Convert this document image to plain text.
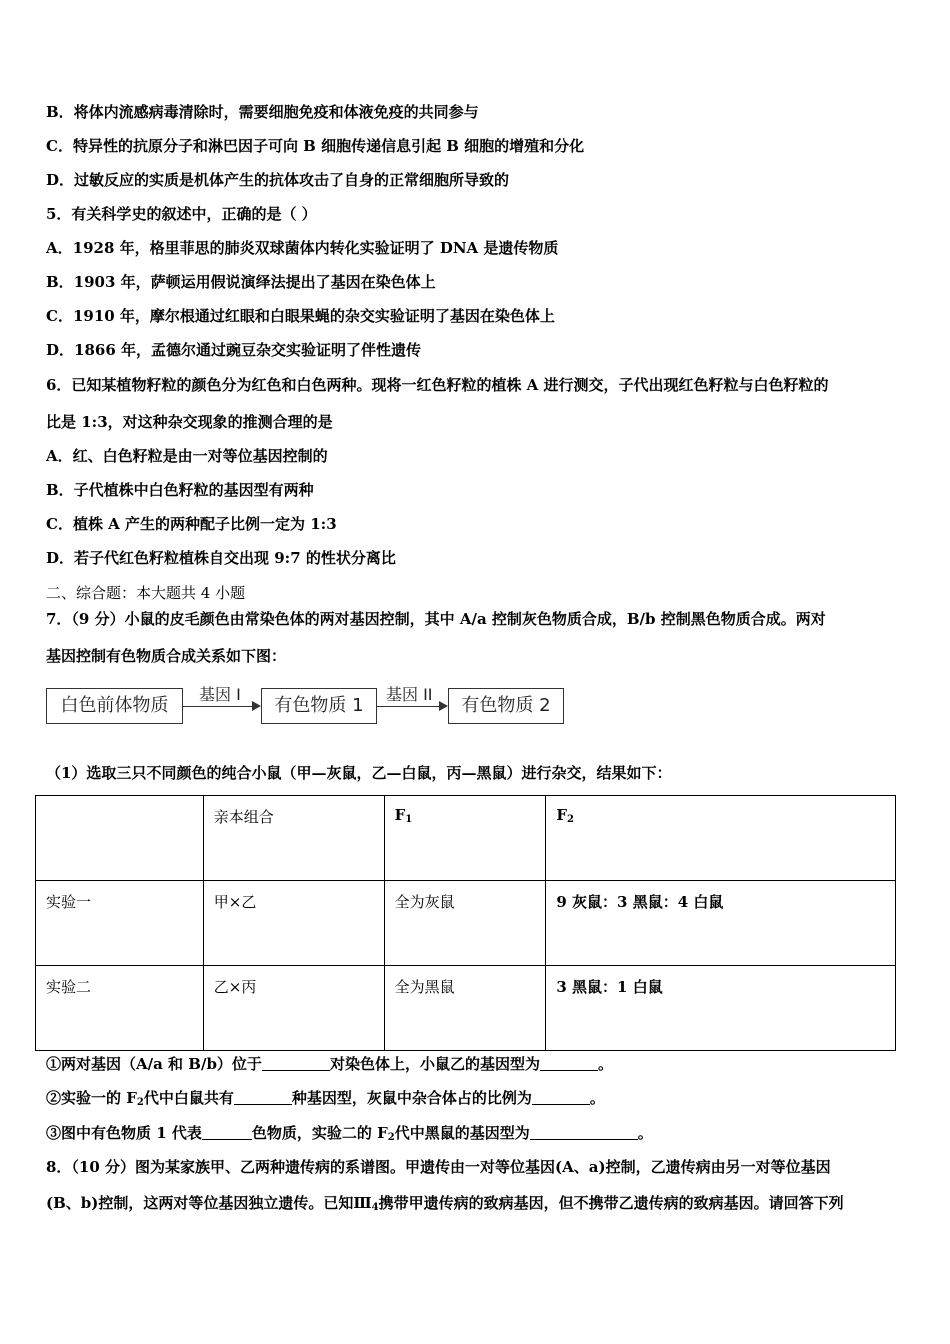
B．将体内流感病毒清除时，需要细胞免疫和体液免疫的共同参与
C．特异性的抗原分子和淋巴因子可向 B 细胞传递信息引起 B 细胞的增殖和分化
D．过敏反应的实质是机体产生的抗体攻击了自身的正常细胞所导致的
5．有关科学史的叙述中，正确的是（ ）
A．1928 年，格里菲思的肺炎双球菌体内转化实验证明了 DNA 是遗传物质
B．1903 年，萨顿运用假说演绎法提出了基因在染色体上
C．1910 年，摩尔根通过红眼和白眼果蝇的杂交实验证明了基因在染色体上
D．1866 年，孟德尔通过豌豆杂交实验证明了伴性遗传
6．已知某植物籽粒的颜色分为红色和白色两种。现将一红色籽粒的植株 A 进行测交，子代出现红色籽粒与白色籽粒的
比是 1:3，对这种杂交现象的推测合理的是
A．红、白色籽粒是由一对等位基因控制的
B．子代植株中白色籽粒的基因型有两种
C．植株 A 产生的两种配子比例一定为 1:3
D．若子代红色籽粒植株自交出现 9:7 的性状分离比
二、综合题：本大题共 4 小题
7．（9 分）小鼠的皮毛颜色由常染色体的两对基因控制，其中 A/a 控制灰色物质合成，B/b 控制黑色物质合成。两对
基因控制有色物质合成关系如下图：
白色前体物质
基因 I
有色物质 1
基因 II
有色物质 2
（1）选取三只不同颜色的纯合小鼠（甲—灰鼠，乙—白鼠，丙—黑鼠）进行杂交，结果如下：
	亲本组合	$F_1$	$F_2$
实验一	甲×乙	全为灰鼠	9 灰鼠：3 黑鼠：4 白鼠
实验二	乙×丙	全为黑鼠	3 黑鼠：1 白鼠
①两对基因（A/a 和 B/b）位于	对染色体上，小鼠乙的基因型为	。
②实验一的 $F_2$代中白鼠共有	种基因型，灰鼠中杂合体占的比例为	。
③图中有色物质 1 代表	色物质，实验二的 $F_2$代中黑鼠的基因型为	。
8．（10 分）图为某家族甲、乙两种遗传病的系谱图。甲遗传由一对等位基因(A、a)控制，乙遗传病由另一对等位基因
(B、b)控制，这两对等位基因独立遗传。已知$Ⅲ_4$携带甲遗传病的致病基因，但不携带乙遗传病的致病基因。请回答下列
